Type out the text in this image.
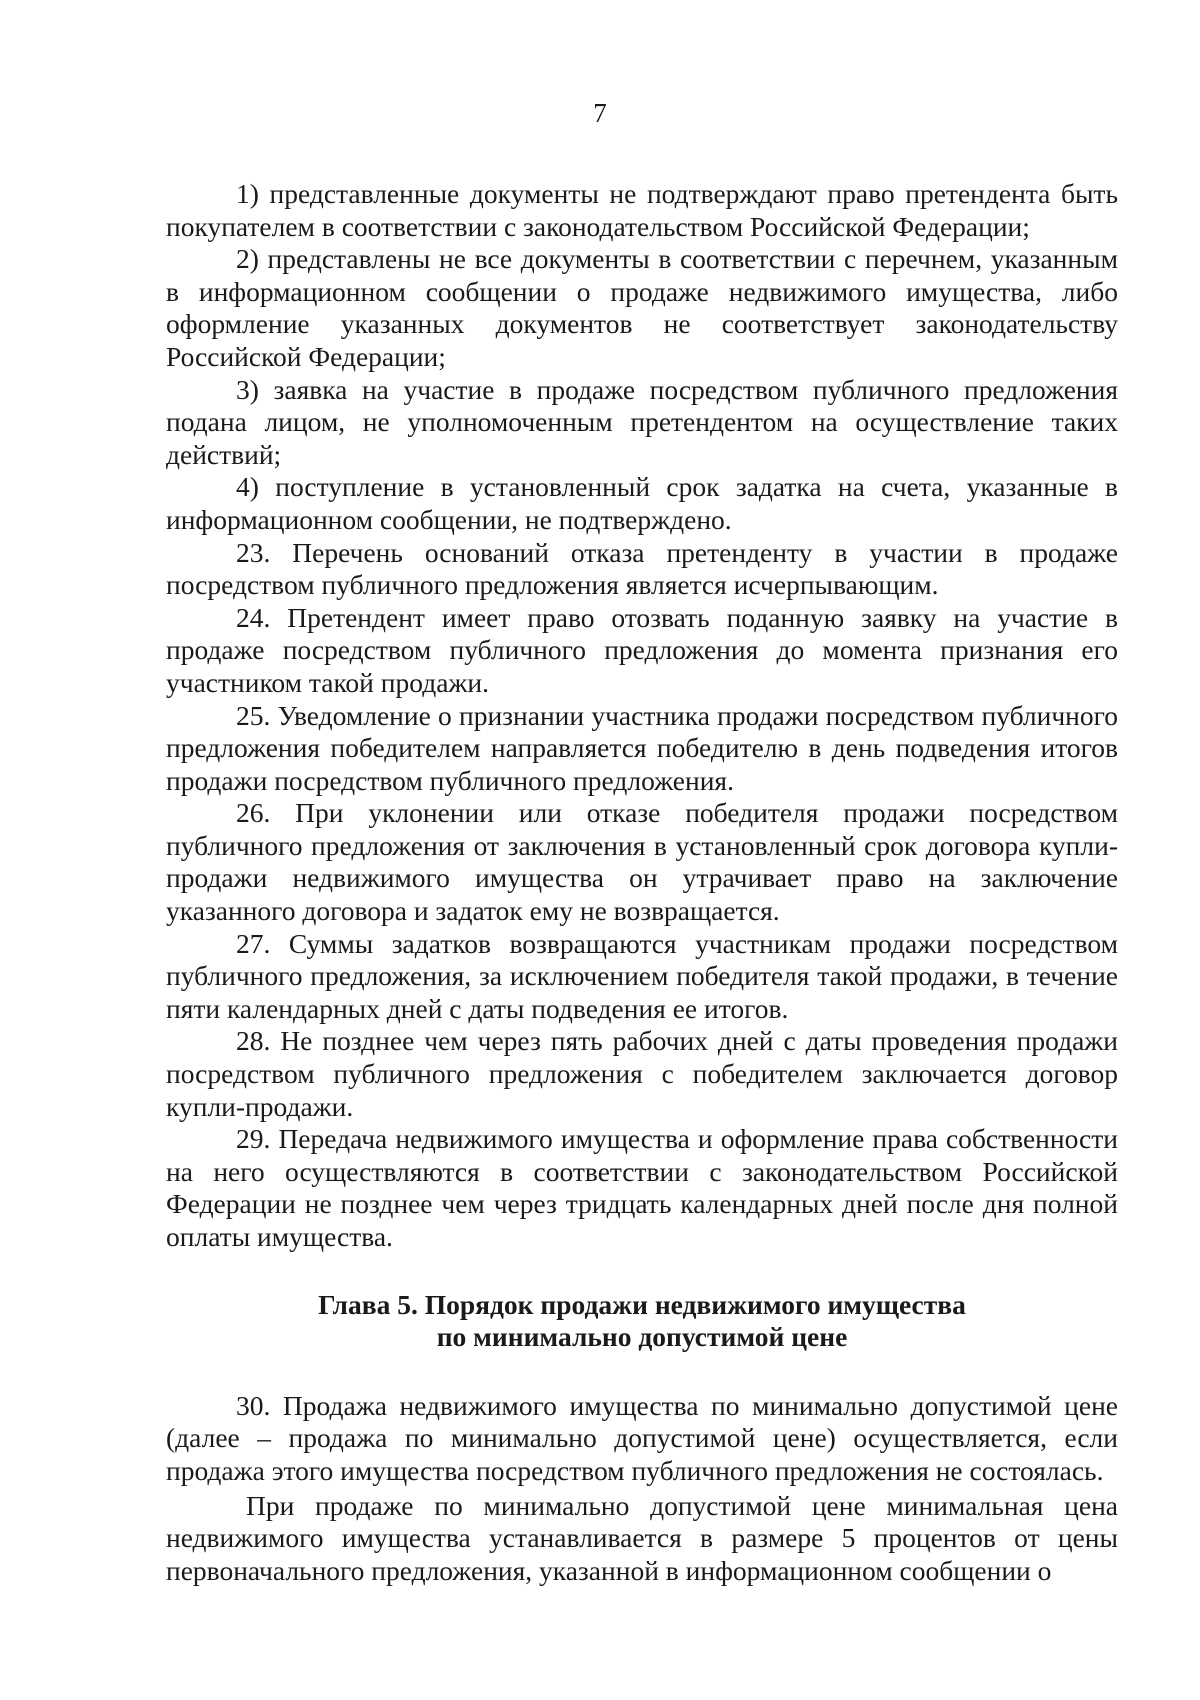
7

1) представленные документы не подтверждают право претендента быть покупателем в соответствии с законодательством Российской Федерации;

2) представлены не все документы в соответствии с перечнем, указанным в информационном сообщении о продаже недвижимого имущества, либо оформление указанных документов не соответствует законодательству Российской Федерации;

3) заявка на участие в продаже посредством публичного предложения подана лицом, не уполномоченным претендентом на осуществление таких действий;

4) поступление в установленный срок задатка на счета, указанные в информационном сообщении, не подтверждено.

23. Перечень оснований отказа претенденту в участии в продаже посредством публичного предложения является исчерпывающим.

24. Претендент имеет право отозвать поданную заявку на участие в продаже посредством публичного предложения до момента признания его участником такой продажи.

25. Уведомление о признании участника продажи посредством публичного предложения победителем направляется победителю в день подведения итогов продажи посредством публичного предложения.

26. При уклонении или отказе победителя продажи посредством публичного предложения от заключения в установленный срок договора купли-продажи недвижимого имущества он утрачивает право на заключение указанного договора и задаток ему не возвращается.

27. Суммы задатков возвращаются участникам продажи посредством публичного предложения, за исключением победителя такой продажи, в течение пяти календарных дней с даты подведения ее итогов.

28. Не позднее чем через пять рабочих дней с даты проведения продажи посредством публичного предложения с победителем заключается договор купли-продажи.

29. Передача недвижимого имущества и оформление права собственности на него осуществляются в соответствии с законодательством Российской Федерации не позднее чем через тридцать календарных дней после дня полной оплаты имущества.

Глава 5. Порядок продажи недвижимого имущества
по минимально допустимой цене

30. Продажа недвижимого имущества по минимально допустимой цене (далее – продажа по минимально допустимой цене) осуществляется, если продажа этого имущества посредством публичного предложения не состоялась.

При продаже по минимально допустимой цене минимальная цена недвижимого имущества устанавливается в размере 5 процентов от цены первоначального предложения, указанной в информационном сообщении о
